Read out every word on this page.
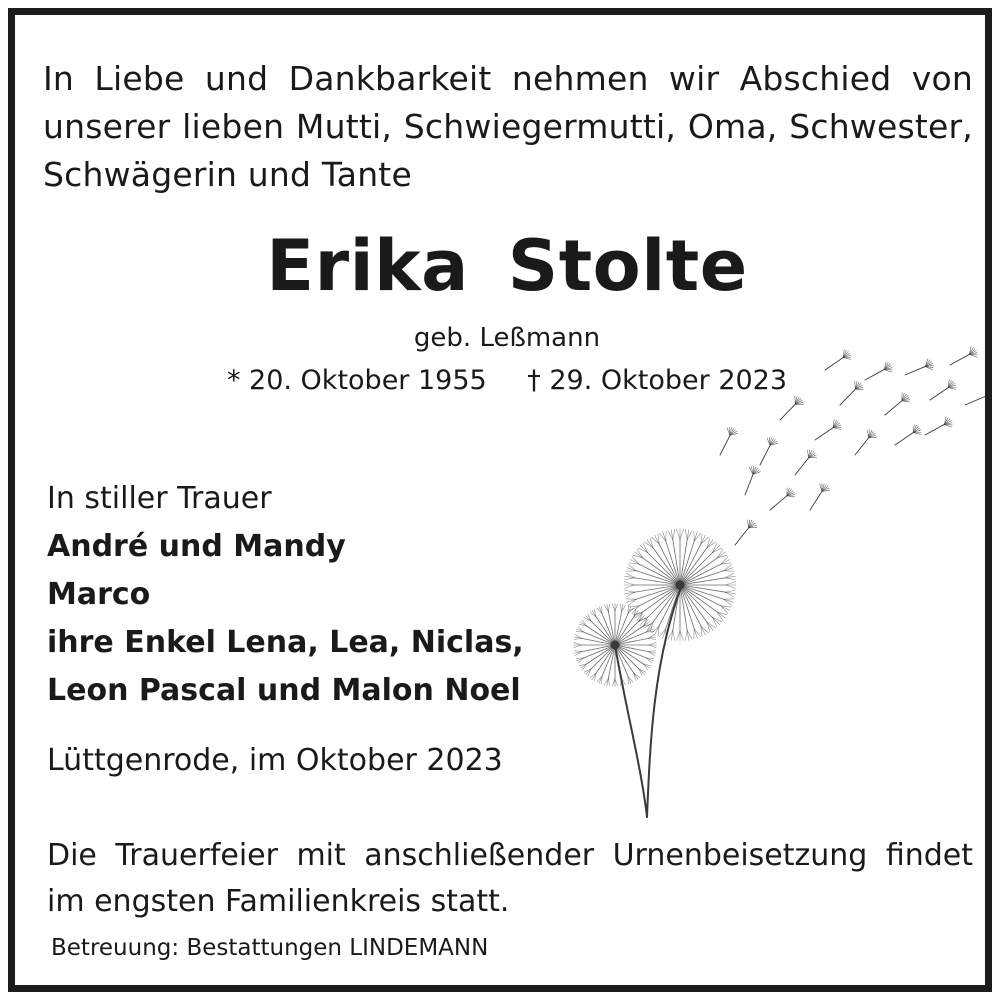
In Liebe und Dankbarkeit nehmen wir Abschied von unserer lieben Mutti, Schwiegermutti, Oma, Schwester, Schwägerin und Tante
Erika Stolte
geb. Leßmann
* 20. Oktober 1955 † 29. Oktober 2023
In stiller Trauer
André und Mandy
Marco
ihre Enkel Lena, Lea, Niclas,
Leon Pascal und Malon Noel
Lüttgenrode, im Oktober 2023
Die Trauerfeier mit anschließender Urnenbeisetzung findet im engsten Familienkreis statt.
Betreuung: Bestattungen LINDEMANN
